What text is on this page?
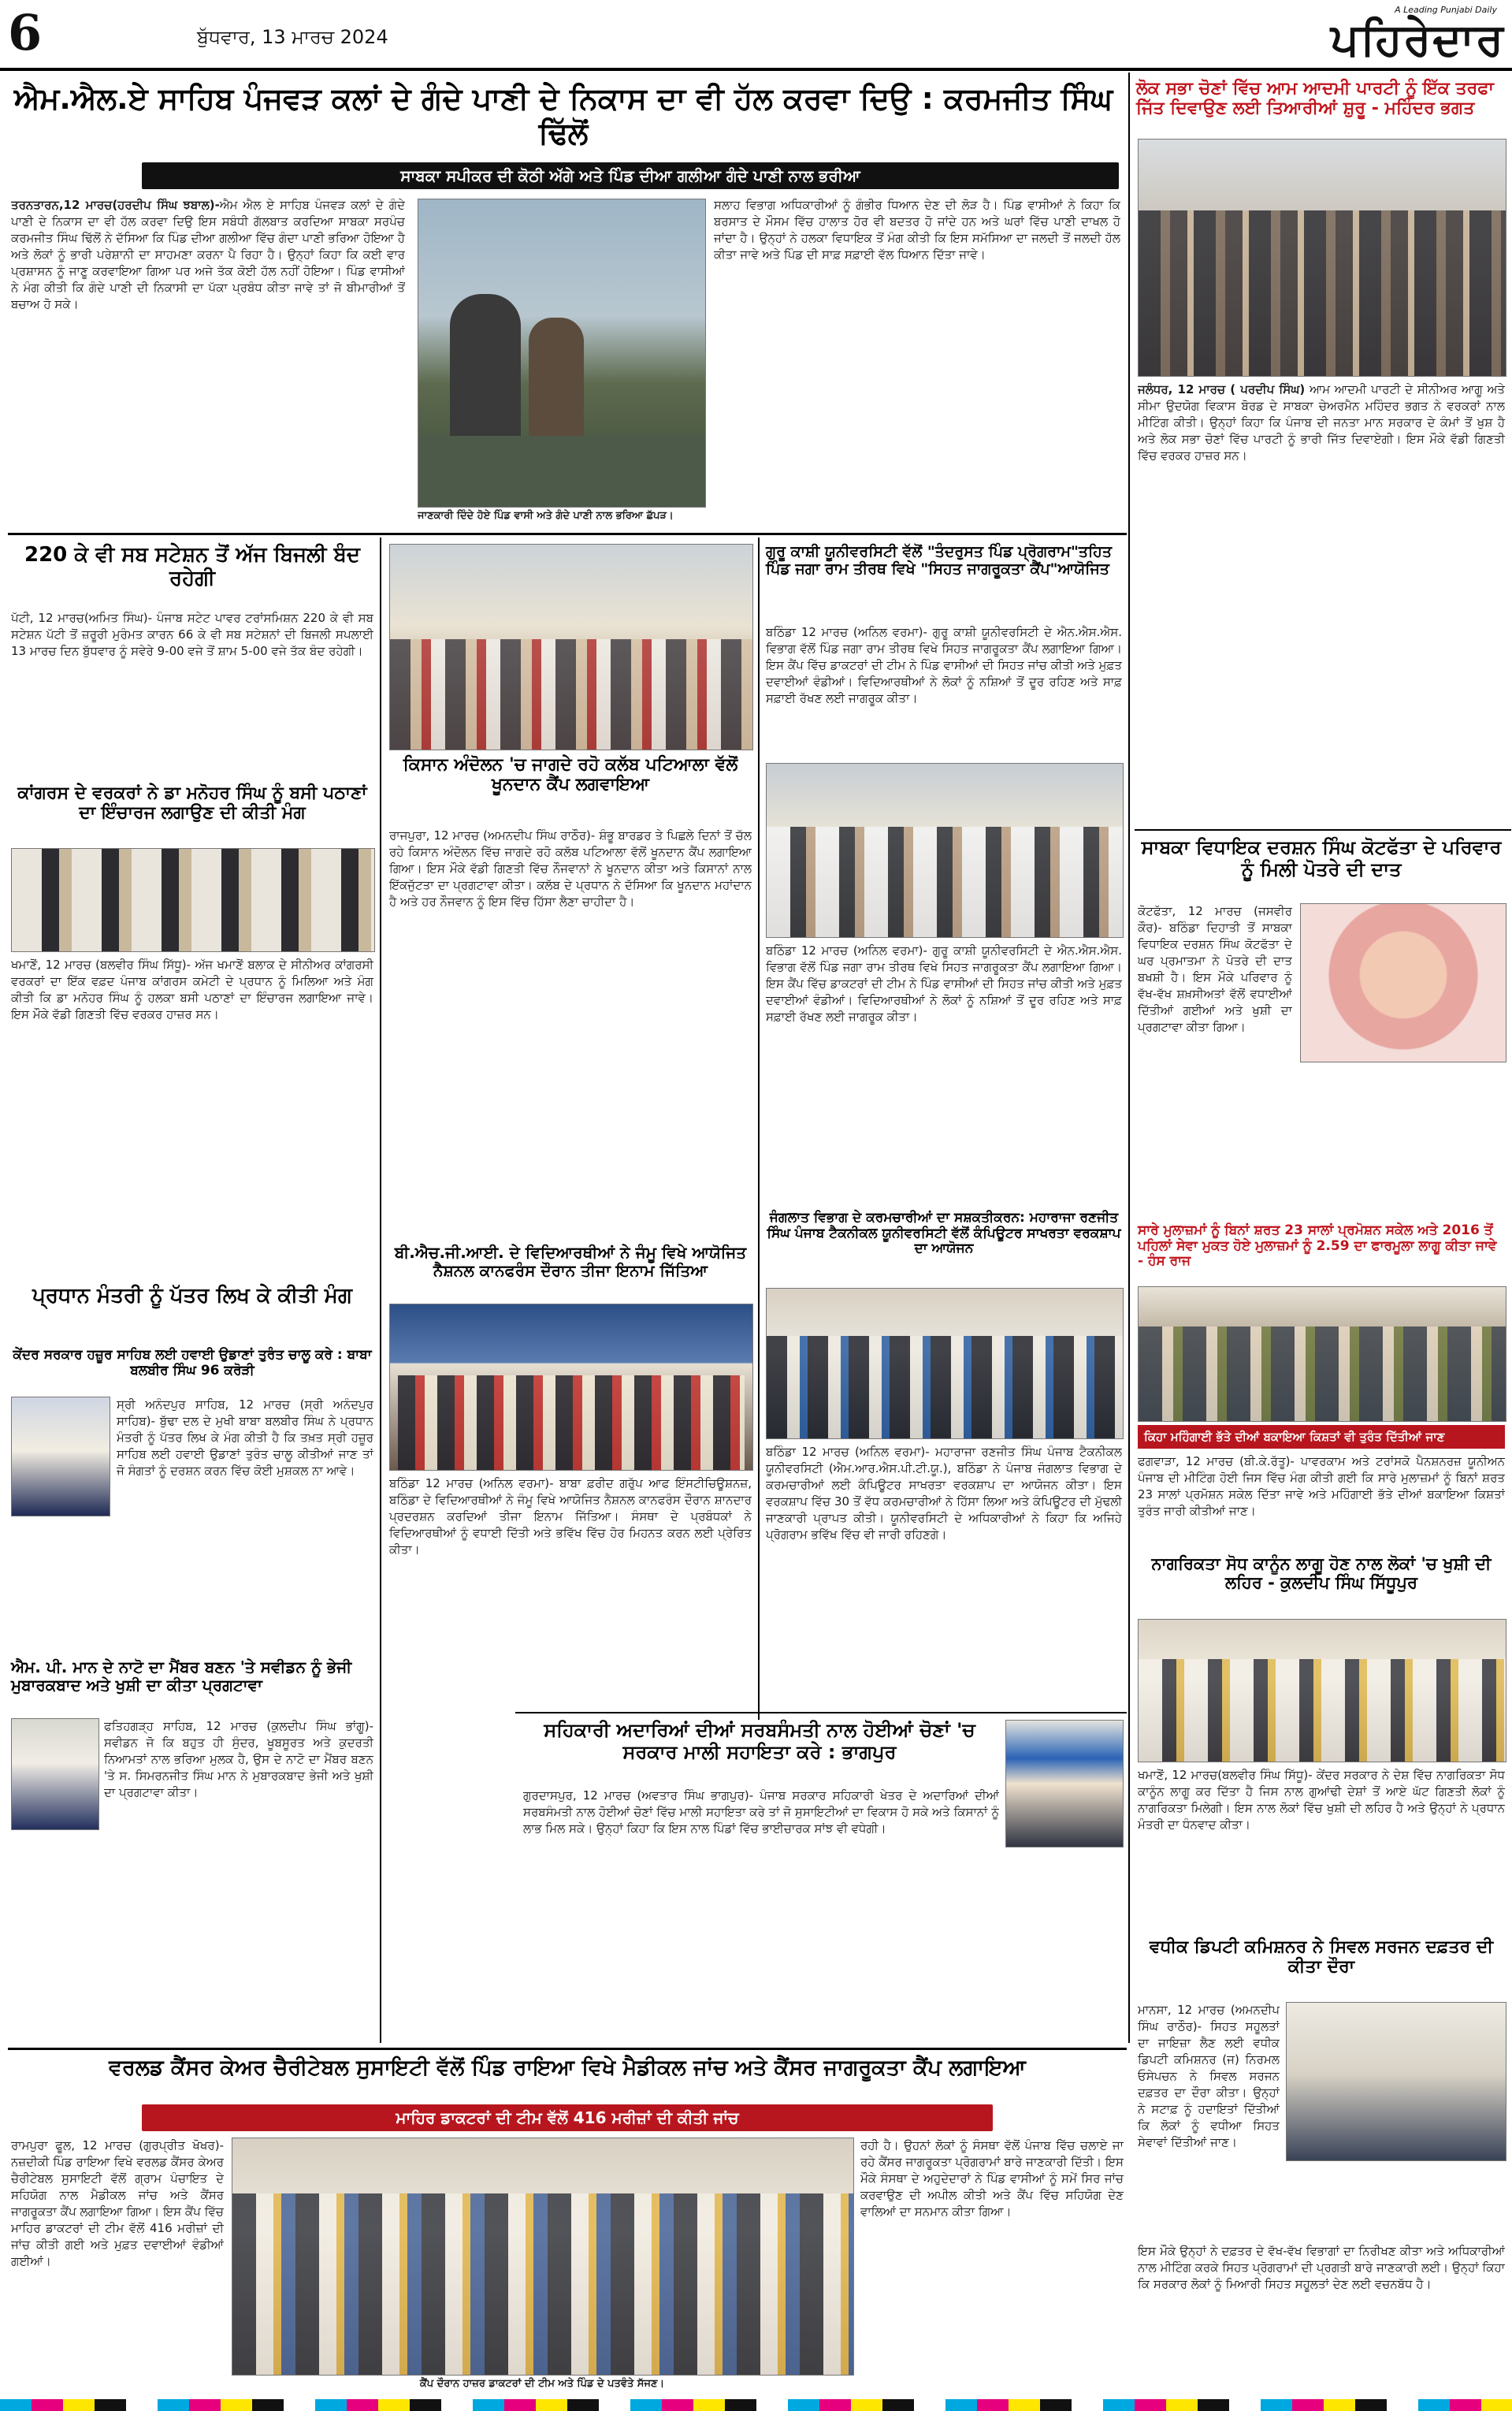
6	ਬੁੱਧਵਾਰ, 13 ਮਾਰਚ 2024
A Leading Punjabi Daily
ਪਹਿਰੇਦਾਰ
ਐਮ.ਐਲ.ਏ ਸਾਹਿਬ ਪੰਜਵੜ ਕਲਾਂ ਦੇ ਗੰਦੇ ਪਾਣੀ ਦੇ ਨਿਕਾਸ ਦਾ ਵੀ ਹੱਲ ਕਰਵਾ ਦਿਉ : ਕਰਮਜੀਤ ਸਿੰਘ ਢਿੱਲੋਂ
ਸਾਬਕਾ ਸਪੀਕਰ ਦੀ ਕੋਠੀ ਅੱਗੇ ਅਤੇ ਪਿੰਡ ਦੀਆ ਗਲੀਆ ਗੰਦੇ ਪਾਣੀ ਨਾਲ ਭਰੀਆ
ਤਰਨਤਾਰਨ,12 ਮਾਰਚ(ਹਰਦੀਪ ਸਿੰਘ ਝਬਾਲ)-ਐਮ ਐਲ ਏ ਸਾਹਿਬ ਪੰਜਵੜ ਕਲਾਂ ਦੇ ਗੰਦੇ ਪਾਣੀ ਦੇ ਨਿਕਾਸ ਦਾ ਵੀ ਹੱਲ ਕਰਵਾ ਦਿਉ ਇਸ ਸਬੰਧੀ ਗੱਲਬਾਤ ਕਰਦਿਆ ਸਾਬਕਾ ਸਰਪੰਚ ਕਰਮਜੀਤ ਸਿੰਘ ਢਿੱਲੋਂ ਨੇ ਦੱਸਿਆ ਕਿ ਪਿੰਡ ਦੀਆ ਗਲੀਆ ਵਿੱਚ ਗੰਦਾ ਪਾਣੀ ਭਰਿਆ ਹੋਇਆ ਹੈ ਅਤੇ ਲੋਕਾਂ ਨੂੰ ਭਾਰੀ ਪਰੇਸ਼ਾਨੀ ਦਾ ਸਾਹਮਣਾ ਕਰਨਾ ਪੈ ਰਿਹਾ ਹੈ। ਉਨ੍ਹਾਂ ਕਿਹਾ ਕਿ ਕਈ ਵਾਰ ਪ੍ਰਸ਼ਾਸਨ ਨੂੰ ਜਾਣੂ ਕਰਵਾਇਆ ਗਿਆ ਪਰ ਅਜੇ ਤੱਕ ਕੋਈ ਹੱਲ ਨਹੀਂ ਹੋਇਆ। ਪਿੰਡ ਵਾਸੀਆਂ ਨੇ ਮੰਗ ਕੀਤੀ ਕਿ ਗੰਦੇ ਪਾਣੀ ਦੀ ਨਿਕਾਸੀ ਦਾ ਪੱਕਾ ਪ੍ਰਬੰਧ ਕੀਤਾ ਜਾਵੇ ਤਾਂ ਜੋ ਬੀਮਾਰੀਆਂ ਤੋਂ ਬਚਾਅ ਹੋ ਸਕੇ।
ਜਾਣਕਾਰੀ ਦਿੰਦੇ ਹੋਏ ਪਿੰਡ ਵਾਸੀ ਅਤੇ ਗੰਦੇ ਪਾਣੀ ਨਾਲ ਭਰਿਆ ਛੱਪੜ।
ਸਲਾਹ ਵਿਭਾਗ ਅਧਿਕਾਰੀਆਂ ਨੂੰ ਗੰਭੀਰ ਧਿਆਨ ਦੇਣ ਦੀ ਲੋੜ ਹੈ। ਪਿੰਡ ਵਾਸੀਆਂ ਨੇ ਕਿਹਾ ਕਿ ਬਰਸਾਤ ਦੇ ਮੌਸਮ ਵਿੱਚ ਹਾਲਾਤ ਹੋਰ ਵੀ ਬਦਤਰ ਹੋ ਜਾਂਦੇ ਹਨ ਅਤੇ ਘਰਾਂ ਵਿੱਚ ਪਾਣੀ ਦਾਖਲ ਹੋ ਜਾਂਦਾ ਹੈ। ਉਨ੍ਹਾਂ ਨੇ ਹਲਕਾ ਵਿਧਾਇਕ ਤੋਂ ਮੰਗ ਕੀਤੀ ਕਿ ਇਸ ਸਮੱਸਿਆ ਦਾ ਜਲਦੀ ਤੋਂ ਜਲਦੀ ਹੱਲ ਕੀਤਾ ਜਾਵੇ ਅਤੇ ਪਿੰਡ ਦੀ ਸਾਫ਼ ਸਫ਼ਾਈ ਵੱਲ ਧਿਆਨ ਦਿੱਤਾ ਜਾਵੇ।
ਲੋਕ ਸਭਾ ਚੋਣਾਂ ਵਿੱਚ ਆਮ ਆਦਮੀ ਪਾਰਟੀ ਨੂੰ ਇੱਕ ਤਰਫਾ ਜਿੱਤ ਦਿਵਾਉਣ ਲਈ ਤਿਆਰੀਆਂ ਸ਼ੁਰੂ - ਮਹਿੰਦਰ ਭਗਤ
ਜਲੰਧਰ, 12 ਮਾਰਚ ( ਪਰਦੀਪ ਸਿੰਘ) ਆਮ ਆਦਮੀ ਪਾਰਟੀ ਦੇ ਸੀਨੀਅਰ ਆਗੂ ਅਤੇ ਸੀਮਾ ਉਦਯੋਗ ਵਿਕਾਸ ਬੋਰਡ ਦੇ ਸਾਬਕਾ ਚੇਅਰਮੈਨ ਮਹਿੰਦਰ ਭਗਤ ਨੇ ਵਰਕਰਾਂ ਨਾਲ ਮੀਟਿੰਗ ਕੀਤੀ। ਉਨ੍ਹਾਂ ਕਿਹਾ ਕਿ ਪੰਜਾਬ ਦੀ ਜਨਤਾ ਮਾਨ ਸਰਕਾਰ ਦੇ ਕੰਮਾਂ ਤੋਂ ਖੁਸ਼ ਹੈ ਅਤੇ ਲੋਕ ਸਭਾ ਚੋਣਾਂ ਵਿੱਚ ਪਾਰਟੀ ਨੂੰ ਭਾਰੀ ਜਿੱਤ ਦਿਵਾਏਗੀ। ਇਸ ਮੌਕੇ ਵੱਡੀ ਗਿਣਤੀ ਵਿੱਚ ਵਰਕਰ ਹਾਜ਼ਰ ਸਨ।
220 ਕੇ ਵੀ ਸਬ ਸਟੇਸ਼ਨ ਤੋਂ ਅੱਜ ਬਿਜਲੀ ਬੰਦ ਰਹੇਗੀ
ਪੱਟੀ, 12 ਮਾਰਚ(ਅਮਿਤ ਸਿੰਘ)- ਪੰਜਾਬ ਸਟੇਟ ਪਾਵਰ ਟਰਾਂਸਮਿਸ਼ਨ 220 ਕੇ ਵੀ ਸਬ ਸਟੇਸ਼ਨ ਪੱਟੀ ਤੋਂ ਜ਼ਰੂਰੀ ਮੁਰੰਮਤ ਕਾਰਨ 66 ਕੇ ਵੀ ਸਬ ਸਟੇਸ਼ਨਾਂ ਦੀ ਬਿਜਲੀ ਸਪਲਾਈ 13 ਮਾਰਚ ਦਿਨ ਬੁੱਧਵਾਰ ਨੂੰ ਸਵੇਰੇ 9-00 ਵਜੇ ਤੋਂ ਸ਼ਾਮ 5-00 ਵਜੇ ਤੱਕ ਬੰਦ ਰਹੇਗੀ।
ਕਾਂਗਰਸ ਦੇ ਵਰਕਰਾਂ ਨੇ ਡਾ ਮਨੋਹਰ ਸਿੰਘ ਨੂੰ ਬਸੀ ਪਠਾਣਾਂ ਦਾ ਇੰਚਾਰਜ ਲਗਾਉਣ ਦੀ ਕੀਤੀ ਮੰਗ
ਖਮਾਣੋਂ, 12 ਮਾਰਚ (ਬਲਵੀਰ ਸਿੰਘ ਸਿੱਧੂ)- ਅੱਜ ਖਮਾਣੋਂ ਬਲਾਕ ਦੇ ਸੀਨੀਅਰ ਕਾਂਗਰਸੀ ਵਰਕਰਾਂ ਦਾ ਇੱਕ ਵਫ਼ਦ ਪੰਜਾਬ ਕਾਂਗਰਸ ਕਮੇਟੀ ਦੇ ਪ੍ਰਧਾਨ ਨੂੰ ਮਿਲਿਆ ਅਤੇ ਮੰਗ ਕੀਤੀ ਕਿ ਡਾ ਮਨੋਹਰ ਸਿੰਘ ਨੂੰ ਹਲਕਾ ਬਸੀ ਪਠਾਣਾਂ ਦਾ ਇੰਚਾਰਜ ਲਗਾਇਆ ਜਾਵੇ। ਇਸ ਮੌਕੇ ਵੱਡੀ ਗਿਣਤੀ ਵਿੱਚ ਵਰਕਰ ਹਾਜ਼ਰ ਸਨ।
ਪ੍ਰਧਾਨ ਮੰਤਰੀ ਨੂੰ ਪੱਤਰ ਲਿਖ ਕੇ ਕੀਤੀ ਮੰਗ
ਕੇਂਦਰ ਸਰਕਾਰ ਹਜ਼ੂਰ ਸਾਹਿਬ ਲਈ ਹਵਾਈ ਉਡਾਣਾਂ ਤੁਰੰਤ ਚਾਲੂ ਕਰੇ : ਬਾਬਾ ਬਲਬੀਰ ਸਿੰਘ 96 ਕਰੋੜੀ
ਸ੍ਰੀ ਅਨੰਦਪੁਰ ਸਾਹਿਬ, 12 ਮਾਰਚ (ਸ੍ਰੀ ਅਨੰਦਪੁਰ ਸਾਹਿਬ)- ਬੁੱਢਾ ਦਲ ਦੇ ਮੁਖੀ ਬਾਬਾ ਬਲਬੀਰ ਸਿੰਘ ਨੇ ਪ੍ਰਧਾਨ ਮੰਤਰੀ ਨੂੰ ਪੱਤਰ ਲਿਖ ਕੇ ਮੰਗ ਕੀਤੀ ਹੈ ਕਿ ਤਖ਼ਤ ਸ੍ਰੀ ਹਜ਼ੂਰ ਸਾਹਿਬ ਲਈ ਹਵਾਈ ਉਡਾਣਾਂ ਤੁਰੰਤ ਚਾਲੂ ਕੀਤੀਆਂ ਜਾਣ ਤਾਂ ਜੋ ਸੰਗਤਾਂ ਨੂੰ ਦਰਸ਼ਨ ਕਰਨ ਵਿੱਚ ਕੋਈ ਮੁਸ਼ਕਲ ਨਾ ਆਵੇ।
ਐਮ. ਪੀ. ਮਾਨ ਦੇ ਨਾਟੋ ਦਾ ਮੈਂਬਰ ਬਣਨ 'ਤੇ ਸਵੀਡਨ ਨੂੰ ਭੇਜੀ ਮੁਬਾਰਕਬਾਦ ਅਤੇ ਖੁਸ਼ੀ ਦਾ ਕੀਤਾ ਪ੍ਰਗਟਾਵਾ
ਫਤਿਹਗੜ੍ਹ ਸਾਹਿਬ, 12 ਮਾਰਚ (ਕੁਲਦੀਪ ਸਿੰਘ ਭਾਂਗੂ)- ਸਵੀਡਨ ਜੋ ਕਿ ਬਹੁਤ ਹੀ ਸੁੰਦਰ, ਖੂਬਸੂਰਤ ਅਤੇ ਕੁਦਰਤੀ ਨਿਆਮਤਾਂ ਨਾਲ ਭਰਿਆ ਮੁਲਕ ਹੈ, ਉਸ ਦੇ ਨਾਟੋ ਦਾ ਮੈਂਬਰ ਬਣਨ 'ਤੇ ਸ. ਸਿਮਰਨਜੀਤ ਸਿੰਘ ਮਾਨ ਨੇ ਮੁਬਾਰਕਬਾਦ ਭੇਜੀ ਅਤੇ ਖੁਸ਼ੀ ਦਾ ਪ੍ਰਗਟਾਵਾ ਕੀਤਾ।
ਕਿਸਾਨ ਅੰਦੋਲਨ 'ਚ ਜਾਗਦੇ ਰਹੋ ਕਲੱਬ ਪਟਿਆਲਾ ਵੱਲੋਂ ਖੂਨਦਾਨ ਕੈਂਪ ਲਗਵਾਇਆ
ਰਾਜਪੁਰਾ, 12 ਮਾਰਚ (ਅਮਨਦੀਪ ਸਿੰਘ ਰਾਠੌਰ)- ਸ਼ੰਭੂ ਬਾਰਡਰ ਤੇ ਪਿਛਲੇ ਦਿਨਾਂ ਤੋਂ ਚੱਲ ਰਹੇ ਕਿਸਾਨ ਅੰਦੋਲਨ ਵਿੱਚ ਜਾਗਦੇ ਰਹੋ ਕਲੱਬ ਪਟਿਆਲਾ ਵੱਲੋਂ ਖੂਨਦਾਨ ਕੈਂਪ ਲਗਾਇਆ ਗਿਆ। ਇਸ ਮੌਕੇ ਵੱਡੀ ਗਿਣਤੀ ਵਿੱਚ ਨੌਜਵਾਨਾਂ ਨੇ ਖੂਨਦਾਨ ਕੀਤਾ ਅਤੇ ਕਿਸਾਨਾਂ ਨਾਲ ਇੱਕਜੁੱਟਤਾ ਦਾ ਪ੍ਰਗਟਾਵਾ ਕੀਤਾ। ਕਲੱਬ ਦੇ ਪ੍ਰਧਾਨ ਨੇ ਦੱਸਿਆ ਕਿ ਖੂਨਦਾਨ ਮਹਾਂਦਾਨ ਹੈ ਅਤੇ ਹਰ ਨੌਜਵਾਨ ਨੂੰ ਇਸ ਵਿੱਚ ਹਿੱਸਾ ਲੈਣਾ ਚਾਹੀਦਾ ਹੈ।
ਬੀ.ਐਚ.ਜੀ.ਆਈ. ਦੇ ਵਿਦਿਆਰਥੀਆਂ ਨੇ ਜੰਮੂ ਵਿਖੇ ਆਯੋਜਿਤ ਨੈਸ਼ਨਲ ਕਾਨਫਰੰਸ ਦੌਰਾਨ ਤੀਜਾ ਇਨਾਮ ਜਿੱਤਿਆ
ਬਠਿੰਡਾ 12 ਮਾਰਚ (ਅਨਿਲ ਵਰਮਾ)- ਬਾਬਾ ਫ਼ਰੀਦ ਗਰੁੱਪ ਆਫ ਇੰਸਟੀਚਿਊਸ਼ਨਜ਼, ਬਠਿੰਡਾ ਦੇ ਵਿਦਿਆਰਥੀਆਂ ਨੇ ਜੰਮੂ ਵਿਖੇ ਆਯੋਜਿਤ ਨੈਸ਼ਨਲ ਕਾਨਫਰੰਸ ਦੌਰਾਨ ਸ਼ਾਨਦਾਰ ਪ੍ਰਦਰਸ਼ਨ ਕਰਦਿਆਂ ਤੀਜਾ ਇਨਾਮ ਜਿੱਤਿਆ। ਸੰਸਥਾ ਦੇ ਪ੍ਰਬੰਧਕਾਂ ਨੇ ਵਿਦਿਆਰਥੀਆਂ ਨੂੰ ਵਧਾਈ ਦਿੱਤੀ ਅਤੇ ਭਵਿੱਖ ਵਿੱਚ ਹੋਰ ਮਿਹਨਤ ਕਰਨ ਲਈ ਪ੍ਰੇਰਿਤ ਕੀਤਾ।
ਗੁਰੂ ਕਾਸ਼ੀ ਯੂਨੀਵਰਸਿਟੀ ਵੱਲੋਂ "ਤੰਦਰੁਸਤ ਪਿੰਡ ਪ੍ਰੋਗਰਾਮ"ਤਹਿਤ ਪਿੰਡ ਜਗਾ ਰਾਮ ਤੀਰਥ ਵਿਖੇ "ਸਿਹਤ ਜਾਗਰੂਕਤਾ ਕੈਂਪ"ਆਯੋਜਿਤ
ਬਠਿੰਡਾ 12 ਮਾਰਚ (ਅਨਿਲ ਵਰਮਾ)- ਗੁਰੂ ਕਾਸ਼ੀ ਯੂਨੀਵਰਸਿਟੀ ਦੇ ਐਨ.ਐਸ.ਐਸ. ਵਿਭਾਗ ਵੱਲੋਂ ਪਿੰਡ ਜਗਾ ਰਾਮ ਤੀਰਥ ਵਿਖੇ ਸਿਹਤ ਜਾਗਰੂਕਤਾ ਕੈਂਪ ਲਗਾਇਆ ਗਿਆ। ਇਸ ਕੈਂਪ ਵਿੱਚ ਡਾਕਟਰਾਂ ਦੀ ਟੀਮ ਨੇ ਪਿੰਡ ਵਾਸੀਆਂ ਦੀ ਸਿਹਤ ਜਾਂਚ ਕੀਤੀ ਅਤੇ ਮੁਫ਼ਤ ਦਵਾਈਆਂ ਵੰਡੀਆਂ। ਵਿਦਿਆਰਥੀਆਂ ਨੇ ਲੋਕਾਂ ਨੂੰ ਨਸ਼ਿਆਂ ਤੋਂ ਦੂਰ ਰਹਿਣ ਅਤੇ ਸਾਫ਼ ਸਫ਼ਾਈ ਰੱਖਣ ਲਈ ਜਾਗਰੂਕ ਕੀਤਾ।
ਬਠਿੰਡਾ 12 ਮਾਰਚ (ਅਨਿਲ ਵਰਮਾ)- ਗੁਰੂ ਕਾਸ਼ੀ ਯੂਨੀਵਰਸਿਟੀ ਦੇ ਐਨ.ਐਸ.ਐਸ. ਵਿਭਾਗ ਵੱਲੋਂ ਪਿੰਡ ਜਗਾ ਰਾਮ ਤੀਰਥ ਵਿਖੇ ਸਿਹਤ ਜਾਗਰੂਕਤਾ ਕੈਂਪ ਲਗਾਇਆ ਗਿਆ। ਇਸ ਕੈਂਪ ਵਿੱਚ ਡਾਕਟਰਾਂ ਦੀ ਟੀਮ ਨੇ ਪਿੰਡ ਵਾਸੀਆਂ ਦੀ ਸਿਹਤ ਜਾਂਚ ਕੀਤੀ ਅਤੇ ਮੁਫ਼ਤ ਦਵਾਈਆਂ ਵੰਡੀਆਂ। ਵਿਦਿਆਰਥੀਆਂ ਨੇ ਲੋਕਾਂ ਨੂੰ ਨਸ਼ਿਆਂ ਤੋਂ ਦੂਰ ਰਹਿਣ ਅਤੇ ਸਾਫ਼ ਸਫ਼ਾਈ ਰੱਖਣ ਲਈ ਜਾਗਰੂਕ ਕੀਤਾ।
ਜੰਗਲਾਤ ਵਿਭਾਗ ਦੇ ਕਰਮਚਾਰੀਆਂ ਦਾ ਸਸ਼ਕਤੀਕਰਨ: ਮਹਾਰਾਜਾ ਰਣਜੀਤ ਸਿੰਘ ਪੰਜਾਬ ਟੈਕਨੀਕਲ ਯੂਨੀਵਰਸਿਟੀ ਵੱਲੋਂ ਕੰਪਿਊਟਰ ਸਾਖਰਤਾ ਵਰਕਸ਼ਾਪ ਦਾ ਆਯੋਜਨ
ਬਠਿੰਡਾ 12 ਮਾਰਚ (ਅਨਿਲ ਵਰਮਾ)- ਮਹਾਰਾਜਾ ਰਣਜੀਤ ਸਿੰਘ ਪੰਜਾਬ ਟੈਕਨੀਕਲ ਯੂਨੀਵਰਸਿਟੀ (ਐਮ.ਆਰ.ਐਸ.ਪੀ.ਟੀ.ਯੂ.), ਬਠਿੰਡਾ ਨੇ ਪੰਜਾਬ ਜੰਗਲਾਤ ਵਿਭਾਗ ਦੇ ਕਰਮਚਾਰੀਆਂ ਲਈ ਕੰਪਿਊਟਰ ਸਾਖਰਤਾ ਵਰਕਸ਼ਾਪ ਦਾ ਆਯੋਜਨ ਕੀਤਾ। ਇਸ ਵਰਕਸ਼ਾਪ ਵਿੱਚ 30 ਤੋਂ ਵੱਧ ਕਰਮਚਾਰੀਆਂ ਨੇ ਹਿੱਸਾ ਲਿਆ ਅਤੇ ਕੰਪਿਊਟਰ ਦੀ ਮੁੱਢਲੀ ਜਾਣਕਾਰੀ ਪ੍ਰਾਪਤ ਕੀਤੀ। ਯੂਨੀਵਰਸਿਟੀ ਦੇ ਅਧਿਕਾਰੀਆਂ ਨੇ ਕਿਹਾ ਕਿ ਅਜਿਹੇ ਪ੍ਰੋਗਰਾਮ ਭਵਿੱਖ ਵਿੱਚ ਵੀ ਜਾਰੀ ਰਹਿਣਗੇ।
ਸਹਿਕਾਰੀ ਅਦਾਰਿਆਂ ਦੀਆਂ ਸਰਬਸੰਮਤੀ ਨਾਲ ਹੋਈਆਂ ਚੋਣਾਂ 'ਚ ਸਰਕਾਰ ਮਾਲੀ ਸਹਾਇਤਾ ਕਰੇ : ਭਾਗਪੁਰ
ਗੁਰਦਾਸਪੁਰ, 12 ਮਾਰਚ (ਅਵਤਾਰ ਸਿੰਘ ਭਾਗਪੁਰ)- ਪੰਜਾਬ ਸਰਕਾਰ ਸਹਿਕਾਰੀ ਖੇਤਰ ਦੇ ਅਦਾਰਿਆਂ ਦੀਆਂ ਸਰਬਸੰਮਤੀ ਨਾਲ ਹੋਈਆਂ ਚੋਣਾਂ ਵਿੱਚ ਮਾਲੀ ਸਹਾਇਤਾ ਕਰੇ ਤਾਂ ਜੋ ਸੁਸਾਇਟੀਆਂ ਦਾ ਵਿਕਾਸ ਹੋ ਸਕੇ ਅਤੇ ਕਿਸਾਨਾਂ ਨੂੰ ਲਾਭ ਮਿਲ ਸਕੇ। ਉਨ੍ਹਾਂ ਕਿਹਾ ਕਿ ਇਸ ਨਾਲ ਪਿੰਡਾਂ ਵਿੱਚ ਭਾਈਚਾਰਕ ਸਾਂਝ ਵੀ ਵਧੇਗੀ।
ਸਾਬਕਾ ਵਿਧਾਇਕ ਦਰਸ਼ਨ ਸਿੰਘ ਕੋਟਫੱਤਾ ਦੇ ਪਰਿਵਾਰ ਨੂੰ ਮਿਲੀ ਪੋਤਰੇ ਦੀ ਦਾਤ
ਕੋਟਫੱਤਾ, 12 ਮਾਰਚ (ਜਸਵੀਰ ਕੌਰ)- ਬਠਿੰਡਾ ਦਿਹਾਤੀ ਤੋਂ ਸਾਬਕਾ ਵਿਧਾਇਕ ਦਰਸ਼ਨ ਸਿੰਘ ਕੋਟਫੱਤਾ ਦੇ ਘਰ ਪ੍ਰਮਾਤਮਾ ਨੇ ਪੋਤਰੇ ਦੀ ਦਾਤ ਬਖਸ਼ੀ ਹੈ। ਇਸ ਮੌਕੇ ਪਰਿਵਾਰ ਨੂੰ ਵੱਖ-ਵੱਖ ਸ਼ਖ਼ਸੀਅਤਾਂ ਵੱਲੋਂ ਵਧਾਈਆਂ ਦਿੱਤੀਆਂ ਗਈਆਂ ਅਤੇ ਖੁਸ਼ੀ ਦਾ ਪ੍ਰਗਟਾਵਾ ਕੀਤਾ ਗਿਆ।
ਸਾਰੇ ਮੁਲਾਜ਼ਮਾਂ ਨੂੰ ਬਿਨਾਂ ਸ਼ਰਤ 23 ਸਾਲਾਂ ਪ੍ਰਮੋਸ਼ਨ ਸਕੇਲ ਅਤੇ 2016 ਤੋਂ ਪਹਿਲਾਂ ਸੇਵਾ ਮੁਕਤ ਹੋਏ ਮੁਲਾਜ਼ਮਾਂ ਨੂੰ 2.59 ਦਾ ਫਾਰਮੂਲਾ ਲਾਗੂ ਕੀਤਾ ਜਾਵੇ - ਹੰਸ ਰਾਜ
ਕਿਹਾ ਮਹਿੰਗਾਈ ਭੱਤੇ ਦੀਆਂ ਬਕਾਇਆ ਕਿਸ਼ਤਾਂ ਵੀ ਤੁਰੰਤ ਦਿੱਤੀਆਂ ਜਾਣ
ਫਗਵਾੜਾ, 12 ਮਾਰਚ (ਬੀ.ਕੇ.ਰੱਤੂ)- ਪਾਵਰਕਾਮ ਅਤੇ ਟਰਾਂਸਕੋ ਪੈਨਸ਼ਨਰਜ਼ ਯੂਨੀਅਨ ਪੰਜਾਬ ਦੀ ਮੀਟਿੰਗ ਹੋਈ ਜਿਸ ਵਿੱਚ ਮੰਗ ਕੀਤੀ ਗਈ ਕਿ ਸਾਰੇ ਮੁਲਾਜ਼ਮਾਂ ਨੂੰ ਬਿਨਾਂ ਸ਼ਰਤ 23 ਸਾਲਾਂ ਪ੍ਰਮੋਸ਼ਨ ਸਕੇਲ ਦਿੱਤਾ ਜਾਵੇ ਅਤੇ ਮਹਿੰਗਾਈ ਭੱਤੇ ਦੀਆਂ ਬਕਾਇਆ ਕਿਸ਼ਤਾਂ ਤੁਰੰਤ ਜਾਰੀ ਕੀਤੀਆਂ ਜਾਣ।
ਨਾਗਰਿਕਤਾ ਸੋਧ ਕਾਨੂੰਨ ਲਾਗੂ ਹੋਣ ਨਾਲ ਲੋਕਾਂ 'ਚ ਖੁਸ਼ੀ ਦੀ ਲਹਿਰ - ਕੁਲਦੀਪ ਸਿੰਘ ਸਿੱਧੂਪੁਰ
ਖਮਾਣੋਂ, 12 ਮਾਰਚ(ਬਲਵੀਰ ਸਿੰਘ ਸਿੱਧੂ)- ਕੇਂਦਰ ਸਰਕਾਰ ਨੇ ਦੇਸ਼ ਵਿੱਚ ਨਾਗਰਿਕਤਾ ਸੋਧ ਕਾਨੂੰਨ ਲਾਗੂ ਕਰ ਦਿੱਤਾ ਹੈ ਜਿਸ ਨਾਲ ਗੁਆਂਢੀ ਦੇਸ਼ਾਂ ਤੋਂ ਆਏ ਘੱਟ ਗਿਣਤੀ ਲੋਕਾਂ ਨੂੰ ਨਾਗਰਿਕਤਾ ਮਿਲੇਗੀ। ਇਸ ਨਾਲ ਲੋਕਾਂ ਵਿੱਚ ਖੁਸ਼ੀ ਦੀ ਲਹਿਰ ਹੈ ਅਤੇ ਉਨ੍ਹਾਂ ਨੇ ਪ੍ਰਧਾਨ ਮੰਤਰੀ ਦਾ ਧੰਨਵਾਦ ਕੀਤਾ।
ਵਧੀਕ ਡਿਪਟੀ ਕਮਿਸ਼ਨਰ ਨੇ ਸਿਵਲ ਸਰਜਨ ਦਫ਼ਤਰ ਦੀ ਕੀਤਾ ਦੌਰਾ
ਮਾਨਸਾ, 12 ਮਾਰਚ (ਅਮਨਦੀਪ ਸਿੰਘ ਰਾਠੌਰ)- ਸਿਹਤ ਸਹੂਲਤਾਂ ਦਾ ਜਾਇਜ਼ਾ ਲੈਣ ਲਈ ਵਧੀਕ ਡਿਪਟੀ ਕਮਿਸ਼ਨਰ (ਜ) ਨਿਰਮਲ ਓਸੇਪਚਨ ਨੇ ਸਿਵਲ ਸਰਜਨ ਦਫ਼ਤਰ ਦਾ ਦੌਰਾ ਕੀਤਾ। ਉਨ੍ਹਾਂ ਨੇ ਸਟਾਫ਼ ਨੂੰ ਹਦਾਇਤਾਂ ਦਿੱਤੀਆਂ ਕਿ ਲੋਕਾਂ ਨੂੰ ਵਧੀਆ ਸਿਹਤ ਸੇਵਾਵਾਂ ਦਿੱਤੀਆਂ ਜਾਣ।
ਇਸ ਮੌਕੇ ਉਨ੍ਹਾਂ ਨੇ ਦਫ਼ਤਰ ਦੇ ਵੱਖ-ਵੱਖ ਵਿਭਾਗਾਂ ਦਾ ਨਿਰੀਖਣ ਕੀਤਾ ਅਤੇ ਅਧਿਕਾਰੀਆਂ ਨਾਲ ਮੀਟਿੰਗ ਕਰਕੇ ਸਿਹਤ ਪ੍ਰੋਗਰਾਮਾਂ ਦੀ ਪ੍ਰਗਤੀ ਬਾਰੇ ਜਾਣਕਾਰੀ ਲਈ। ਉਨ੍ਹਾਂ ਕਿਹਾ ਕਿ ਸਰਕਾਰ ਲੋਕਾਂ ਨੂੰ ਮਿਆਰੀ ਸਿਹਤ ਸਹੂਲਤਾਂ ਦੇਣ ਲਈ ਵਚਨਬੱਧ ਹੈ।
ਵਰਲਡ ਕੈਂਸਰ ਕੇਅਰ ਚੈਰੀਟੇਬਲ ਸੁਸਾਇਟੀ ਵੱਲੋਂ ਪਿੰਡ ਰਾਇਆ ਵਿਖੇ ਮੈਡੀਕਲ ਜਾਂਚ ਅਤੇ ਕੈਂਸਰ ਜਾਗਰੂਕਤਾ ਕੈਂਪ ਲਗਾਇਆ
ਮਾਹਿਰ ਡਾਕਟਰਾਂ ਦੀ ਟੀਮ ਵੱਲੋਂ 416 ਮਰੀਜ਼ਾਂ ਦੀ ਕੀਤੀ ਜਾਂਚ
ਰਾਮਪੁਰਾ ਫੂਲ, 12 ਮਾਰਚ (ਗੁਰਪ੍ਰੀਤ ਖੋਖਰ)- ਨਜ਼ਦੀਕੀ ਪਿੰਡ ਰਾਇਆ ਵਿਖੇ ਵਰਲਡ ਕੈਂਸਰ ਕੇਅਰ ਚੈਰੀਟੇਬਲ ਸੁਸਾਇਟੀ ਵੱਲੋਂ ਗ੍ਰਾਮ ਪੰਚਾਇਤ ਦੇ ਸਹਿਯੋਗ ਨਾਲ ਮੈਡੀਕਲ ਜਾਂਚ ਅਤੇ ਕੈਂਸਰ ਜਾਗਰੂਕਤਾ ਕੈਂਪ ਲਗਾਇਆ ਗਿਆ। ਇਸ ਕੈਂਪ ਵਿੱਚ ਮਾਹਿਰ ਡਾਕਟਰਾਂ ਦੀ ਟੀਮ ਵੱਲੋਂ 416 ਮਰੀਜ਼ਾਂ ਦੀ ਜਾਂਚ ਕੀਤੀ ਗਈ ਅਤੇ ਮੁਫ਼ਤ ਦਵਾਈਆਂ ਵੰਡੀਆਂ ਗਈਆਂ।
ਕੈਂਪ ਦੌਰਾਨ ਹਾਜ਼ਰ ਡਾਕਟਰਾਂ ਦੀ ਟੀਮ ਅਤੇ ਪਿੰਡ ਦੇ ਪਤਵੰਤੇ ਸੱਜਣ।
ਰਹੀ ਹੈ। ਉਹਨਾਂ ਲੋਕਾਂ ਨੂੰ ਸੰਸਥਾ ਵੱਲੋਂ ਪੰਜਾਬ ਵਿੱਚ ਚਲਾਏ ਜਾ ਰਹੇ ਕੈਂਸਰ ਜਾਗਰੂਕਤਾ ਪ੍ਰੋਗਰਾਮਾਂ ਬਾਰੇ ਜਾਣਕਾਰੀ ਦਿੱਤੀ। ਇਸ ਮੌਕੇ ਸੰਸਥਾ ਦੇ ਅਹੁਦੇਦਾਰਾਂ ਨੇ ਪਿੰਡ ਵਾਸੀਆਂ ਨੂੰ ਸਮੇਂ ਸਿਰ ਜਾਂਚ ਕਰਵਾਉਣ ਦੀ ਅਪੀਲ ਕੀਤੀ ਅਤੇ ਕੈਂਪ ਵਿੱਚ ਸਹਿਯੋਗ ਦੇਣ ਵਾਲਿਆਂ ਦਾ ਸਨਮਾਨ ਕੀਤਾ ਗਿਆ।
